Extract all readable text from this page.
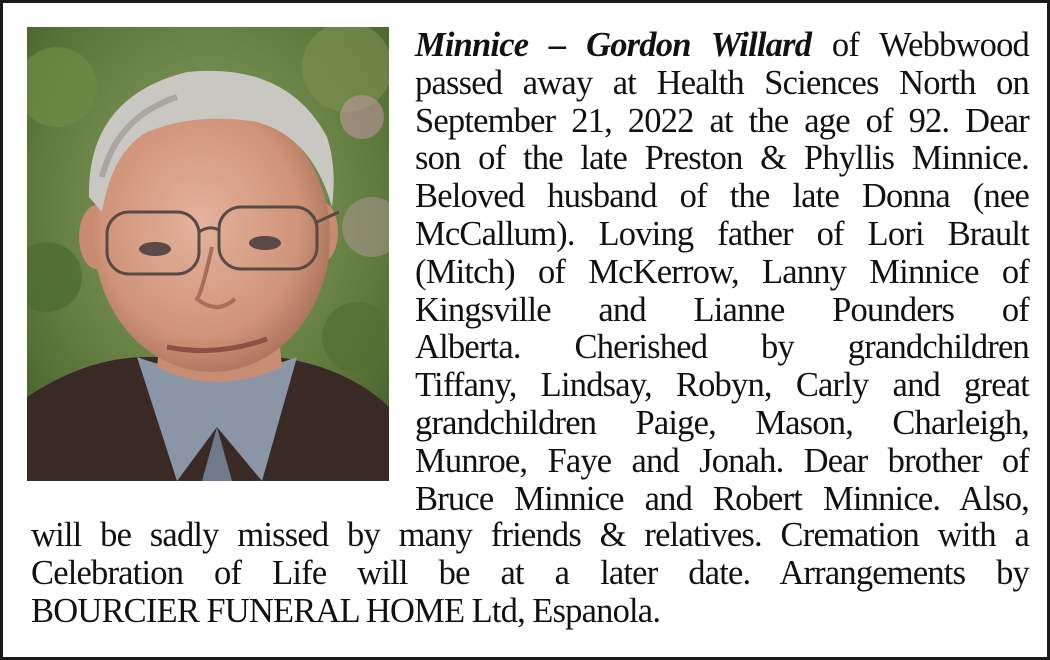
Minnice – Gordon Willard of Webbwood
passed away at Health Sciences North on
September 21, 2022 at the age of 92. Dear
son of the late Preston & Phyllis Minnice.
Beloved husband of the late Donna (nee
McCallum). Loving father of Lori Brault
(Mitch) of McKerrow, Lanny Minnice of
Kingsville and Lianne Pounders of
Alberta. Cherished by grandchildren
Tiffany, Lindsay, Robyn, Carly and great
grandchildren Paige, Mason, Charleigh,
Munroe, Faye and Jonah. Dear brother of
Bruce Minnice and Robert Minnice. Also,
will be sadly missed by many friends & relatives. Cremation with a
Celebration of Life will be at a later date. Arrangements by
BOURCIER FUNERAL HOME Ltd, Espanola.
